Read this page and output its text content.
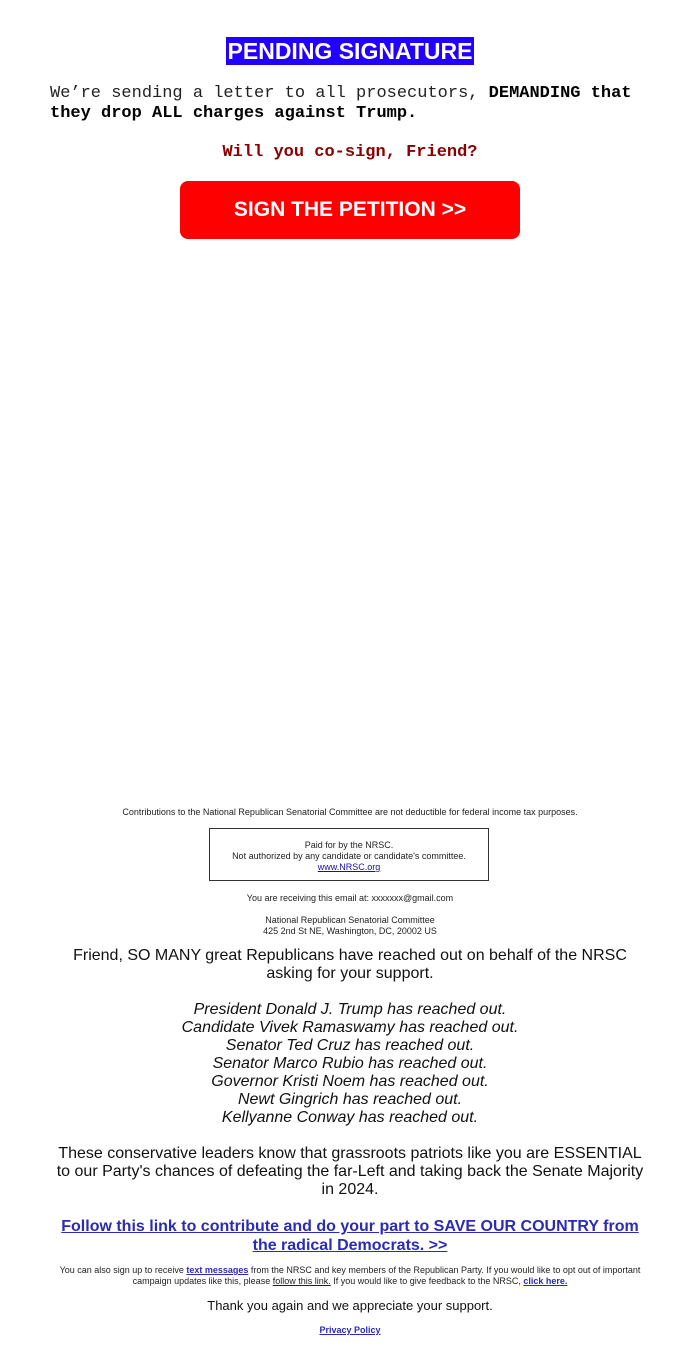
PENDING SIGNATURE
We’re sending a letter to all prosecutors, DEMANDING that they drop ALL charges against Trump.
Will you co-sign, Friend?
SIGN THE PETITION >>
Contributions to the National Republican Senatorial Committee are not deductible for federal income tax purposes.
Paid for by the NRSC.
Not authorized by any candidate or candidate's committee.
www.NRSC.org
You are receiving this email at: xxxxxxx@gmail.com
National Republican Senatorial Committee
425 2nd St NE, Washington, DC, 20002 US
Friend, SO MANY great Republicans have reached out on behalf of the NRSC asking for your support.
President Donald J. Trump has reached out.
Candidate Vivek Ramaswamy has reached out.
Senator Ted Cruz has reached out.
Senator Marco Rubio has reached out.
Governor Kristi Noem has reached out.
Newt Gingrich has reached out.
Kellyanne Conway has reached out.
These conservative leaders know that grassroots patriots like you are ESSENTIAL to our Party's chances of defeating the far-Left and taking back the Senate Majority in 2024.
Follow this link to contribute and do your part to SAVE OUR COUNTRY from the radical Democrats. >>
You can also sign up to receive text messages from the NRSC and key members of the Republican Party. If you would like to opt out of important campaign updates like this, please follow this link. If you would like to give feedback to the NRSC, click here.
Thank you again and we appreciate your support.
Privacy Policy
